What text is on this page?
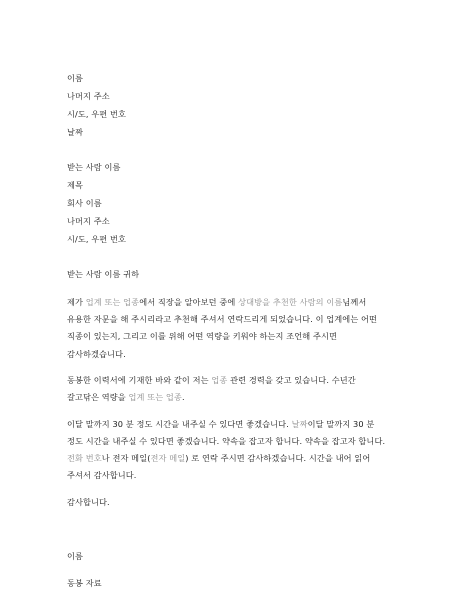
이름
나머지 주소
시/도, 우편 번호
날짜
받는 사람 이름
제목
회사 이름
나머지 주소
시/도, 우편 번호
받는 사람 이름 귀하
제가 업계 또는 업종에서 직장을 알아보던 중에 상대방을 추천한 사람의 이름님께서
유용한 자문을 해 주시리라고 추천해 주셔서 연락드리게 되었습니다. 이 업계에는 어떤
직종이 있는지, 그리고 이를 위해 어떤 역량을 키워야 하는지 조언해 주시면
감사하겠습니다.
동봉한 이력서에 기재한 바와 같이 저는 업종 관련 경력을 갖고 있습니다. 수년간
갈고닦은 역량을 업계 또는 업종.
이달 말까지 30 분 정도 시간을 내주실 수 있다면 좋겠습니다. 날짜이달 말까지 30 분
정도 시간을 내주실 수 있다면 좋겠습니다. 약속을 잡고자 합니다. 약속을 잡고자 합니다.
전화 번호나 전자 메일(전자 메일) 로 연락 주시면 감사하겠습니다. 시간을 내어 읽어
주셔서 감사합니다.
감사합니다.
이름
동봉 자료
